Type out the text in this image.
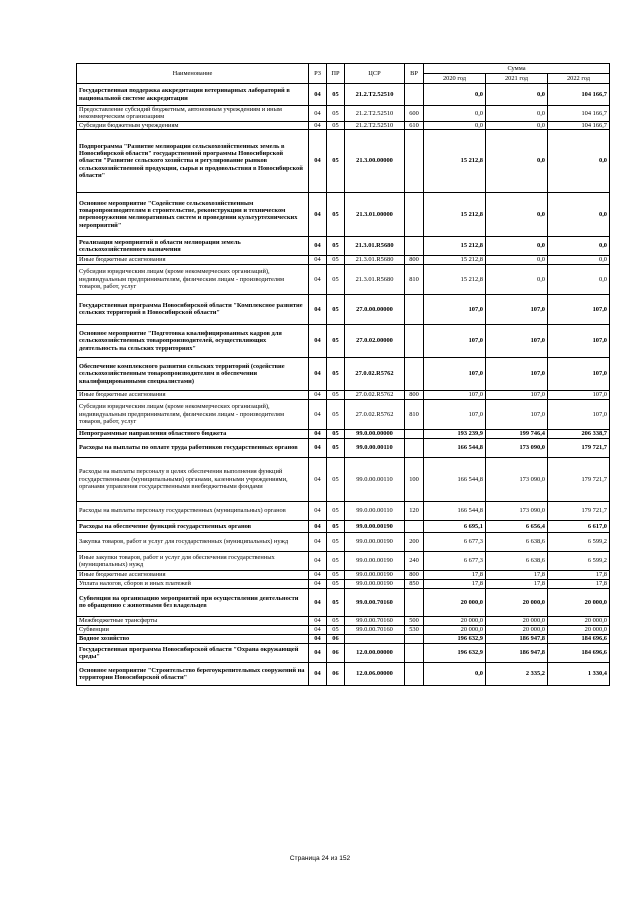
Наименование	РЗ	ПР	ЦСР	ВР	Сумма		
					2020 год	2021 год	2022 год
Государственная поддержка аккредитации ветеринарных лабораторий в национальной системе аккредитации	04	05	21.2.Т2.52510		0,0	0,0	104 166,7
Предоставление субсидий бюджетным, автономным учреждениям и иным некоммерческим организациям	04	05	21.2.Т2.52510	600	0,0	0,0	104 166,7
Субсидии бюджетным учреждениям	04	05	21.2.Т2.52510	610	0,0	0,0	104 166,7
Подпрограмма "Развитие мелиорации сельскохозяйственных земель в Новосибирской области" государственной программы Новосибирской области "Развитие сельского хозяйства и регулирование рынков сельскохозяйственной продукции, сырья и продовольствия в Новосибирской области"	04	05	21.3.00.00000		15 212,8	0,0	0,0
Основное мероприятие "Содействие сельскохозяйственным товаропроизводителям в строительстве, реконструкции и техническом перевооружении мелиоративных систем и проведении культуртехнических мероприятий"	04	05	21.3.01.00000		15 212,8	0,0	0,0
Реализация мероприятий в области мелиорации земель сельскохозяйственного назначения	04	05	21.3.01.R5680		15 212,8	0,0	0,0
Иные бюджетные ассигнования	04	05	21.3.01.R5680	800	15 212,8	0,0	0,0
Субсидии юридическим лицам (кроме некоммерческих организаций), индивидуальным предпринимателям, физическим лицам - производителям товаров, работ, услуг	04	05	21.3.01.R5680	810	15 212,8	0,0	0,0
Государственная программа Новосибирской области "Комплексное развитие сельских территорий в Новосибирской области"	04	05	27.0.00.00000		107,0	107,0	107,0
Основное мероприятие "Подготовка квалифицированных кадров для сельскохозяйственных товаропроизводителей, осуществляющих деятельность на сельских территориях"	04	05	27.0.02.00000		107,0	107,0	107,0
Обеспечение комплексного развития сельских территорий (содействие сельскохозяйственным товаропроизводителям в обеспечении квалифицированными специалистами)	04	05	27.0.02.R5762		107,0	107,0	107,0
Иные бюджетные ассигнования	04	05	27.0.02.R5762	800	107,0	107,0	107,0
Субсидии юридическим лицам (кроме некоммерческих организаций), индивидуальным предпринимателям, физическим лицам - производителям товаров, работ, услуг	04	05	27.0.02.R5762	810	107,0	107,0	107,0
Непрограммные направления областного бюджета	04	05	99.0.00.00000		193 239,9	199 746,4	206 338,7
Расходы на выплаты по оплате труда работников государственных органов	04	05	99.0.00.00110		166 544,8	173 090,0	179 721,7
Расходы на выплаты персоналу в целях обеспечения выполнения функций государственными (муниципальными) органами, казенными учреждениями, органами управления государственными внебюджетными фондами	04	05	99.0.00.00110	100	166 544,8	173 090,0	179 721,7
Расходы на выплаты персоналу государственных (муниципальных) органов	04	05	99.0.00.00110	120	166 544,8	173 090,0	179 721,7
Расходы на обеспечение функций государственных органов	04	05	99.0.00.00190		6 695,1	6 656,4	6 617,0
Закупка товаров, работ и услуг для государственных (муниципальных) нужд	04	05	99.0.00.00190	200	6 677,3	6 638,6	6 599,2
Иные закупки товаров, работ и услуг для обеспечения государственных (муниципальных) нужд	04	05	99.0.00.00190	240	6 677,3	6 638,6	6 599,2
Иные бюджетные ассигнования	04	05	99.0.00.00190	800	17,8	17,8	17,8
Уплата налогов, сборов и иных платежей	04	05	99.0.00.00190	850	17,8	17,8	17,8
Субвенции на организацию мероприятий при осуществлении деятельности по обращению с животными без владельцев	04	05	99.0.00.70160		20 000,0	20 000,0	20 000,0
Межбюджетные трансферты	04	05	99.0.00.70160	500	20 000,0	20 000,0	20 000,0
Субвенции	04	05	99.0.00.70160	530	20 000,0	20 000,0	20 000,0
Водное хозяйство	04	06			196 632,9	186 947,8	184 696,6
Государственная программа Новосибирской области "Охрана окружающей среды"	04	06	12.0.00.00000		196 632,9	186 947,8	184 696,6
Основное мероприятие "Строительство берегоукрепительных сооружений на территории Новосибирской области"	04	06	12.0.06.00000		0,0	2 335,2	1 330,4
Страница 24 из 152
